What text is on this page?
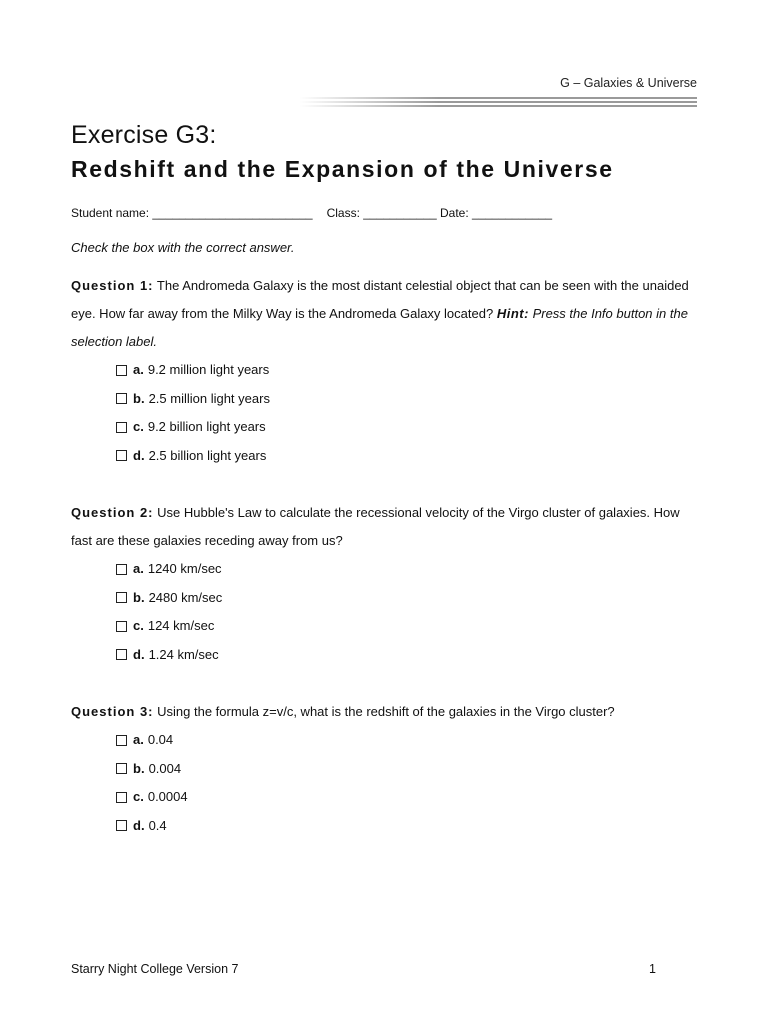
G – Galaxies & Universe
Exercise G3:
Redshift and the Expansion of the Universe
Student name: ________________________ Class: ___________ Date: ____________
Check the box with the correct answer.
Question 1: The Andromeda Galaxy is the most distant celestial object that can be seen with the unaided eye. How far away from the Milky Way is the Andromeda Galaxy located? Hint: Press the Info button in the selection label.
a. 9.2 million light years
b. 2.5 million light years
c. 9.2 billion light years
d. 2.5 billion light years
Question 2: Use Hubble's Law to calculate the recessional velocity of the Virgo cluster of galaxies. How fast are these galaxies receding away from us?
a. 1240 km/sec
b. 2480 km/sec
c. 124 km/sec
d. 1.24 km/sec
Question 3: Using the formula z=v/c, what is the redshift of the galaxies in the Virgo cluster?
a. 0.04
b. 0.004
c. 0.0004
d. 0.4
Starry Night College Version 7	1
